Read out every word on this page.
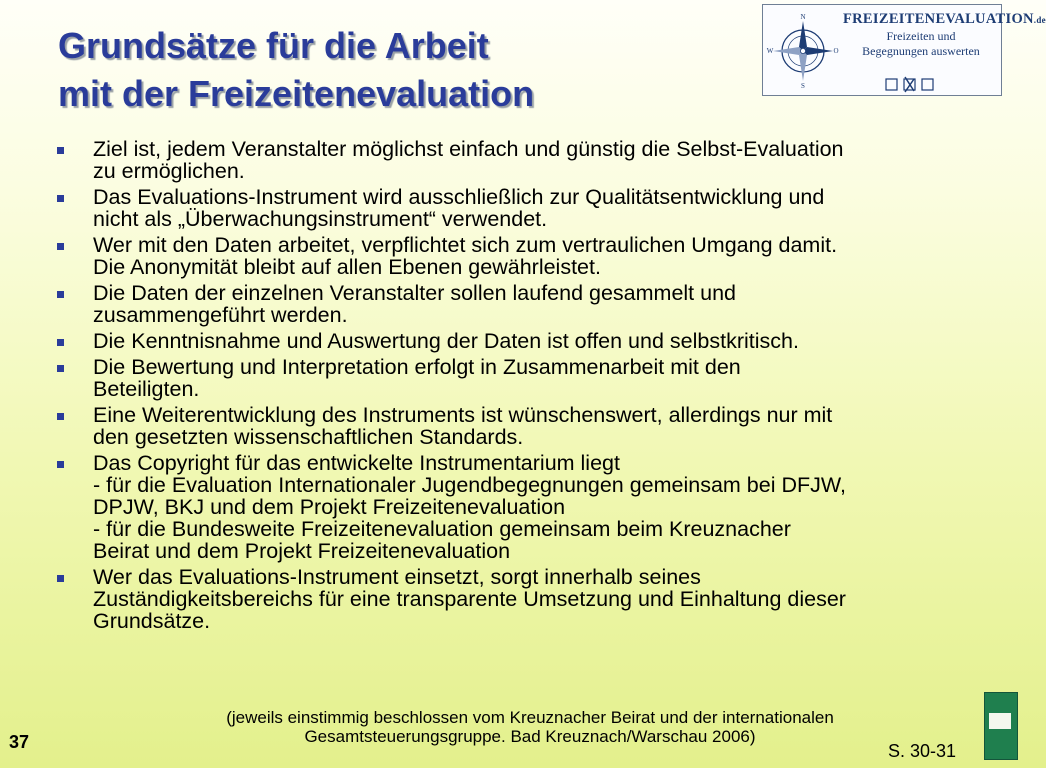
Grundsätze für die Arbeit
mit der Freizeitenevaluation
N
O
S
W
FREIZEITENEVALUATION.de
Freizeiten und
Begegnungen auswerten
Ziel ist, jedem Veranstalter möglichst einfach und günstig die Selbst-Evaluation
zu ermöglichen.
Das Evaluations-Instrument wird ausschließlich zur Qualitätsentwicklung und
nicht als „Überwachungsinstrument“ verwendet.
Wer mit den Daten arbeitet, verpflichtet sich zum vertraulichen Umgang damit.
Die Anonymität bleibt auf allen Ebenen gewährleistet.
Die Daten der einzelnen Veranstalter sollen laufend gesammelt und
zusammengeführt werden.
Die Kenntnisnahme und Auswertung der Daten ist offen und selbstkritisch.
Die Bewertung und Interpretation erfolgt in Zusammenarbeit mit den
Beteiligten.
Eine Weiterentwicklung des Instruments ist wünschenswert, allerdings nur mit
den gesetzten wissenschaftlichen Standards.
Das Copyright für das entwickelte Instrumentarium liegt
- für die Evaluation Internationaler Jugendbegegnungen gemeinsam bei DFJW,
DPJW, BKJ und dem Projekt Freizeitenevaluation
- für die Bundesweite Freizeitenevaluation gemeinsam beim Kreuznacher
Beirat und dem Projekt Freizeitenevaluation
Wer das Evaluations-Instrument einsetzt, sorgt innerhalb seines
Zuständigkeitsbereichs für eine transparente Umsetzung und Einhaltung dieser
Grundsätze.
(jeweils einstimmig beschlossen vom Kreuznacher Beirat und der internationalen
Gesamtsteuerungsgruppe. Bad Kreuznach/Warschau 2006)
37	S. 30-31
